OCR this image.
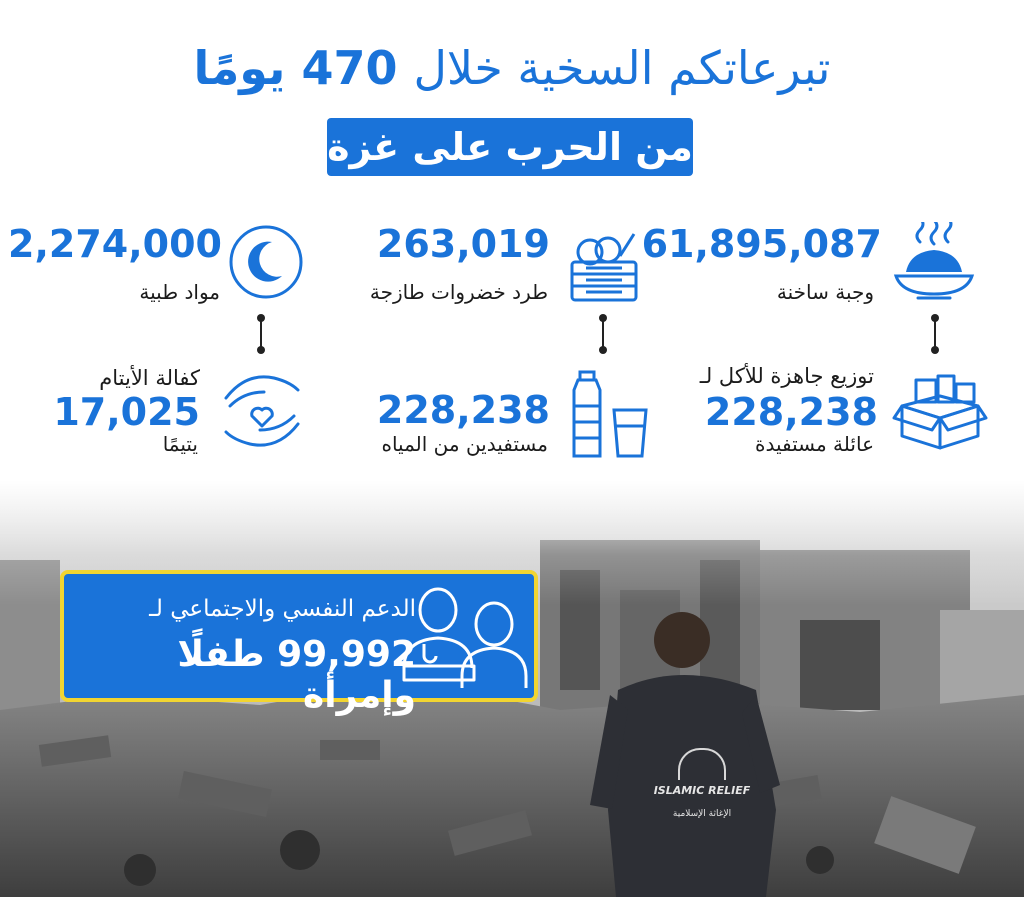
تبرعاتكم السخية خلال 470 يومًا
من الحرب على غزة
61,895,087
وجبة ساخنة
263,019
طرد خضروات طازجة
2,274,000
مواد طبية
توزيع جاهزة للأكل لـ
228,238
عائلة مستفيدة
228,238
مستفيدين من المياه
كفالة الأيتام
17,025
يتيمًا
ISLAMIC RELIEF
الإغاثة الإسلامية
الدعم النفسي والاجتماعي لـ
99,992 طفلًا وإمرأة
